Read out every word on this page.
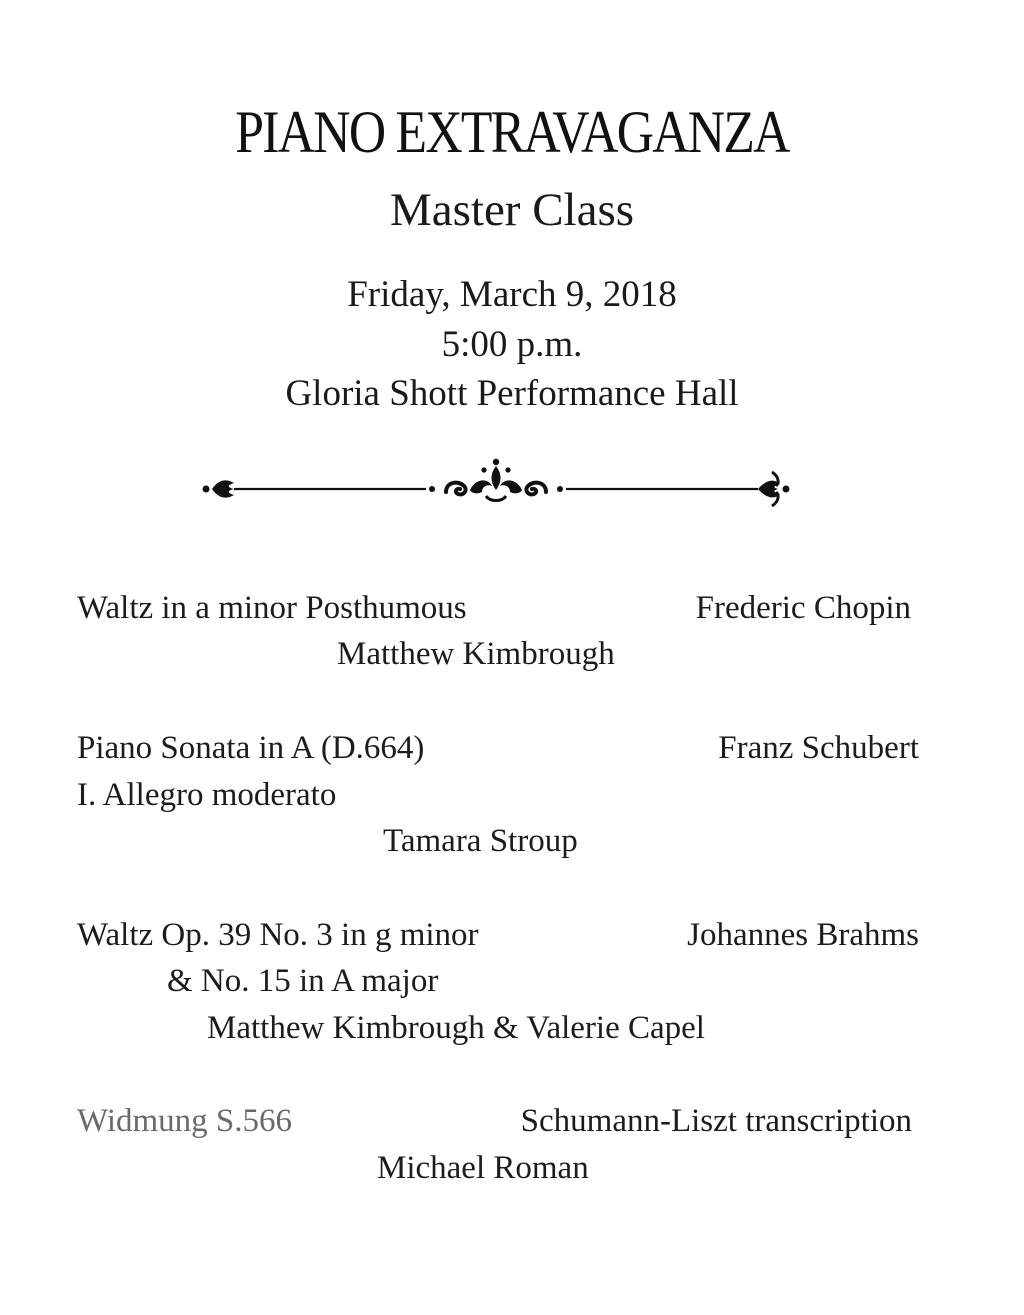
PIANO EXTRAVAGANZA
Master Class
Friday, March 9, 2018
5:00 p.m.
Gloria Shott Performance Hall
Waltz in a minor Posthumous	Frederic Chopin
Matthew Kimbrough
Piano Sonata in A (D.664)	Franz Schubert
I. Allegro moderato
Tamara Stroup
Waltz Op. 39 No. 3 in g minor	Johannes Brahms
& No. 15 in A major
Matthew Kimbrough & Valerie Capel
Widmung S.566	Schumann-Liszt transcription
Michael Roman
